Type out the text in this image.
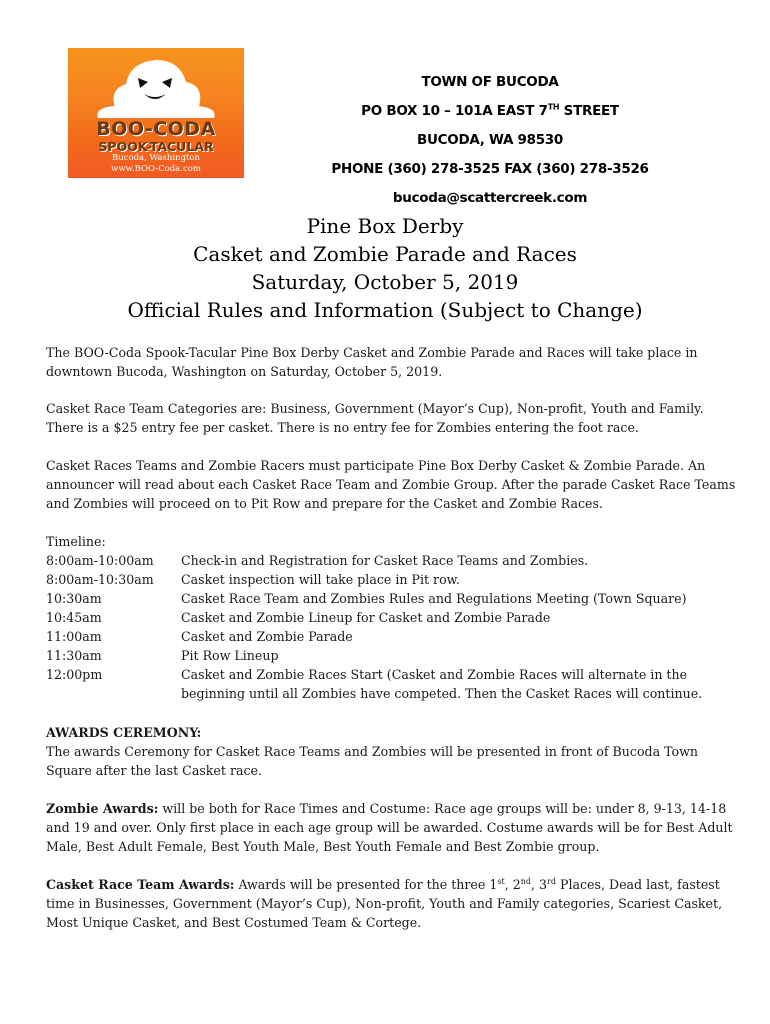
BOO-CODA
SPOOK-TACULAR
Bucoda, Washington
www.BOO-Coda.com
TOWN OF BUCODA
PO BOX 10 – 101A EAST 7TH STREET
BUCODA, WA 98530
PHONE (360) 278-3525 FAX (360) 278-3526
bucoda@scattercreek.com
Pine Box Derby
Casket and Zombie Parade and Races
Saturday, October 5, 2019
Official Rules and Information (Subject to Change)

The BOO-Coda Spook-Tacular Pine Box Derby Casket and Zombie Parade and Races will take place in downtown Bucoda, Washington on Saturday, October 5, 2019.

Casket Race Team Categories are: Business, Government (Mayor’s Cup), Non-profit, Youth and Family. There is a $25 entry fee per casket. There is no entry fee for Zombies entering the foot race.

Casket Races Teams and Zombie Racers must participate Pine Box Derby Casket & Zombie Parade. An announcer will read about each Casket Race Team and Zombie Group. After the parade Casket Race Teams and Zombies will proceed on to Pit Row and prepare for the Casket and Zombie Races.

Timeline:
8:00am-10:00am	Check-in and Registration for Casket Race Teams and Zombies.
8:00am-10:30am	Casket inspection will take place in Pit row.
10:30am	Casket Race Team and Zombies Rules and Regulations Meeting (Town Square)
10:45am	Casket and Zombie Lineup for Casket and Zombie Parade
11:00am	Casket and Zombie Parade
11:30am	Pit Row Lineup
12:00pm	Casket and Zombie Races Start (Casket and Zombie Races will alternate in the beginning until all Zombies have competed. Then the Casket Races will continue.
AWARDS CEREMONY:

The awards Ceremony for Casket Race Teams and Zombies will be presented in front of Bucoda Town Square after the last Casket race.

Zombie Awards: will be both for Race Times and Costume: Race age groups will be: under 8, 9-13, 14-18 and 19 and over. Only first place in each age group will be awarded. Costume awards will be for Best Adult Male, Best Adult Female, Best Youth Male, Best Youth Female and Best Zombie group.

Casket Race Team Awards: Awards will be presented for the three 1st, 2nd, 3rd Places, Dead last, fastest time in Businesses, Government (Mayor’s Cup), Non-profit, Youth and Family categories, Scariest Casket, Most Unique Casket, and Best Costumed Team & Cortege.
